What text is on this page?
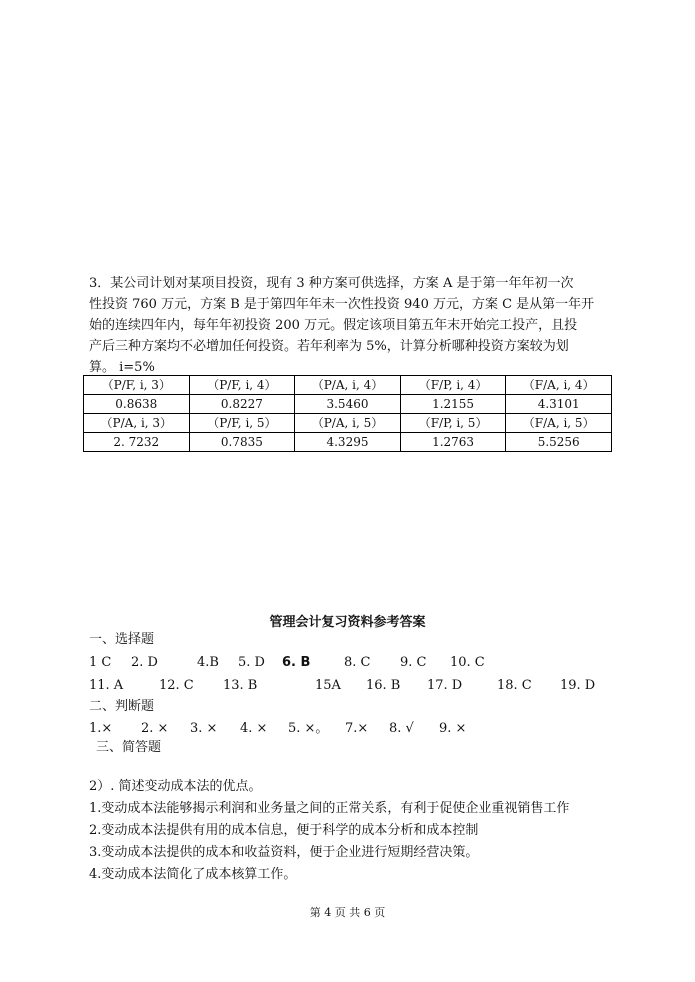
3．某公司计划对某项目投资，现有 3 种方案可供选择，方案 A 是于第一年年初一次

性投资 760 万元，方案 B 是于第四年年末一次性投资 940 万元，方案 C 是从第一年开

始的连续四年内，每年年初投资 200 万元。假定该项目第五年末开始完工投产，且投

产后三种方案均不必增加任何投资。若年利率为 5%，计算分析哪种投资方案较为划

算。 i=5%

（P/F, i, 3）	（P/F, i, 4）	（P/A, i, 4）	（F/P, i, 4）	（F/A, i, 4）
0.8638	0.8227	3.5460	1.2155	4.3101
（P/A, i, 3）	（P/F, i, 5）	（P/A, i, 5）	（F/P, i, 5）	（F/A, i, 5）
2. 7232	0.7835	4.3295	1.2763	5.5256
管理会计复习资料参考答案
一、选择题
1 C 2. D	4.B 5. D 6. B	8. C 9. C 10. C
11. A	12. C 13. B	15A 16. B 17. D	18. C 19. D
二、判断题
1.× 2. × 3. × 4. × 5. ×。 7.× 8. √ 9. ×
三、简答题
2）. 简述变动成本法的优点。
1.变动成本法能够揭示利润和业务量之间的正常关系，有利于促使企业重视销售工作
2.变动成本法提供有用的成本信息，便于科学的成本分析和成本控制
3.变动成本法提供的成本和收益资料，便于企业进行短期经营决策。
4.变动成本法简化了成本核算工作。
第 4 页 共 6 页
